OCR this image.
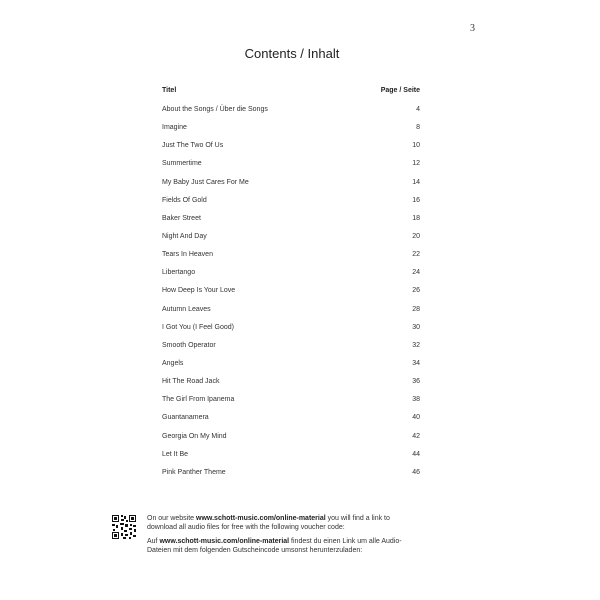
3
Contents / Inhalt
Titel	Page / Seite
About the Songs / Über die Songs	4
Imagine	8
Just The Two Of Us	10
Summertime	12
My Baby Just Cares For Me	14
Fields Of Gold	16
Baker Street	18
Night And Day	20
Tears In Heaven	22
Libertango	24
How Deep Is Your Love	26
Autumn Leaves	28
I Got You (I Feel Good)	30
Smooth Operator	32
Angels	34
Hit The Road Jack	36
The Girl From Ipanema	38
Guantanamera	40
Georgia On My Mind	42
Let It Be	44
Pink Panther Theme	46

On our website www.schott-music.com/online-material you will find a link to download all audio files for free with the following voucher code:

Auf www.schott-music.com/online-material findest du einen Link um alle Audio-Dateien mit dem folgenden Gutscheincode umsonst herunterzuladen:
